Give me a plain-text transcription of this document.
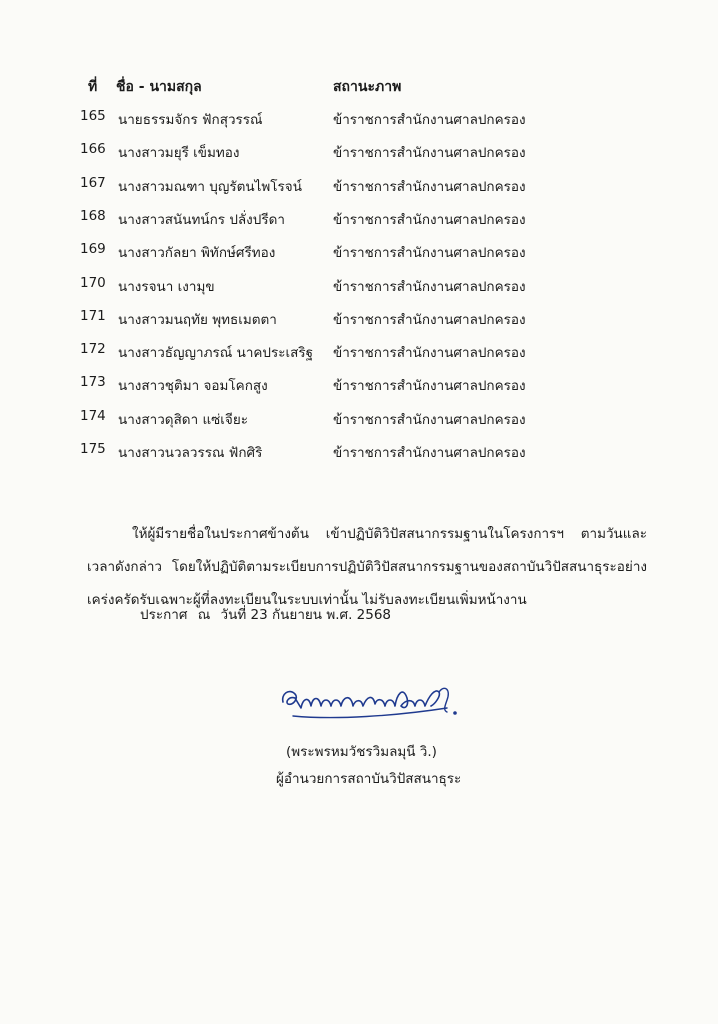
ที่ ชื่อ - นามสกุล	สถานะภาพ
165 นายธรรมจักร ฟักสุวรรณ์	ข้าราชการสำนักงานศาลปกครอง
166 นางสาวมยุรี เข็มทอง	ข้าราชการสำนักงานศาลปกครอง
167 นางสาวมณฑา บุญรัตนไพโรจน์ ข้าราชการสำนักงานศาลปกครอง
168 นางสาวสนันทน์กร ปลั่งปรีดา	ข้าราชการสำนักงานศาลปกครอง
169 นางสาวกัลยา พิทักษ์ศรีทอง	ข้าราชการสำนักงานศาลปกครอง
170 นางรจนา เงามุข	ข้าราชการสำนักงานศาลปกครอง
171 นางสาวมนฤทัย พุทธเมตตา	ข้าราชการสำนักงานศาลปกครอง
172 นางสาวธัญญาภรณ์ นาคประเสริฐ ข้าราชการสำนักงานศาลปกครอง
173 นางสาวชุติมา จอมโคกสูง	ข้าราชการสำนักงานศาลปกครอง
174 นางสาวดุสิดา แซ่เจียะ	ข้าราชการสำนักงานศาลปกครอง
175 นางสาวนวลวรรณ ฟักศิริ	ข้าราชการสำนักงานศาลปกครอง

ให้ผู้มีรายชื่อในประกาศข้างต้น เข้าปฏิบัติวิปัสสนากรรมฐานในโครงการฯ ตามวันและเวลาดังกล่าว โดยให้ปฏิบัติตามระเบียบการปฏิบัติวิปัสสนากรรมฐานของสถาบันวิปัสสนาธุระอย่างเคร่งครัดรับเฉพาะผู้ที่ลงทะเบียนในระบบเท่านั้น ไม่รับลงทะเบียนเพิ่มหน้างาน

ประกาศ ณ วันที่ 23 กันยายน พ.ศ. 2568
(พระพรหมวัชรวิมลมุนี วิ.)
ผู้อำนวยการสถาบันวิปัสสนาธุระ
